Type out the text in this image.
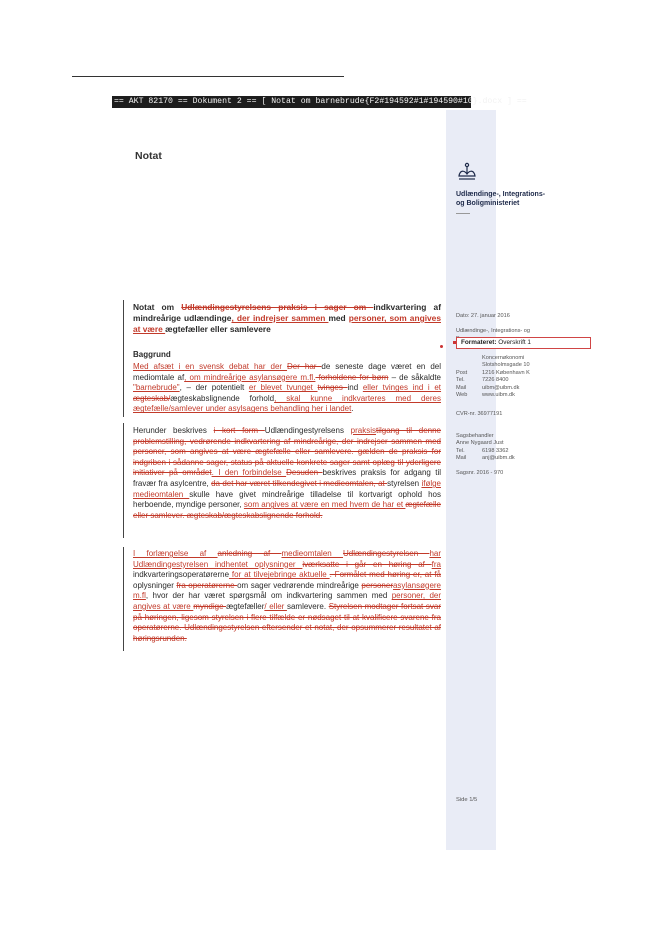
== AKT 82170 == Dokument 2 == [ Notat om barnebrude{F2#194592#1#194590#10}.docx ] ==
Notat
Udlændinge-, Integrations-
og Boligministeriet
Dato: 27. januar 2016
Udlændinge-, Integrations- og
Formateret: Overskrift 1
Koncernøkonomi
Slotsholmsgade 10
Post	1216 København K
Tel.	7226 8400
Mail	uibm@uibm.dk
Web	www.uibm.dk
CVR-nr. 36977191
Sagsbehandler
Anne Nygaard Just
Tel.	6198 3362
Mail	anj@uibm.dk
Sagsnr. 2016 - 970
Side 1/5

Notat om Udlændingestyrelsens praksis i sager om indkvartering af mindreårige udlændinge, der indrejser sammen med personer, som angives at være ægtefæller eller samlevere

Baggrund

Med afsæt i en svensk debat har der Der har de seneste dage været en del mediomtale af, om mindreårige asylansøgere m.fl. forholdene for børn – de såkaldte "barnebrude", – der potentielt er blevet tvunget tvinges ind eller tvinges ind i et ægteskab/ægteskabslignende forhold, skal kunne indkvarteres med deres ægtefælle/samlever under asylsagens behandling her i landet.

Herunder beskrives i kort form Udlændingestyrelsens praksistilgang til denne problemstilling, vedrørende indkvartering af mindreårige, der indrejser sammen med personer, som angives at være ægtefælle eller samlevere. gælden de praksis for indgriben i sådanne sager, status på aktuelle konkrete sager samt oplæg til yderligere initiativer på området. I den forbindelse Desuden beskrives praksis for adgang til fravær fra asylcentre, da det har været tilkendegivet i medieomtalen, at styrelsen ifølge medieomtalen skulle have givet mindreårige tilladelse til kortvarigt ophold hos herboende, myndige personer, som angives at være en med hvem de har et ægtefælle eller samlever. ægteskab/ægteskabslignende forhold.

I forlængelse af anledning af medieomtalen Udlændingestyrelsen har Udlændingestyrelsen indhentet oplysninger iværksatte i går en høring af fra indkvarteringsoperatørerne for at tilvejebringe aktuelle . Formålet med høring er, at få oplysninger fra operatørerne om sager vedrørende mindreårige personerasylansøgere m.fl, hvor der har været spørgsmål om indkvartering sammen med personer, der angives at være myndige ægtefæller/ eller samlevere. Styrelsen modtager fortsat svar på høringen, ligesom styrelsen i flere tilfælde er nødsaget til at kvalificere svarene fra operatørerne. Udlændingestyrelsen eftersender et notat, der opsummerer resultatet af høringsrunden.
